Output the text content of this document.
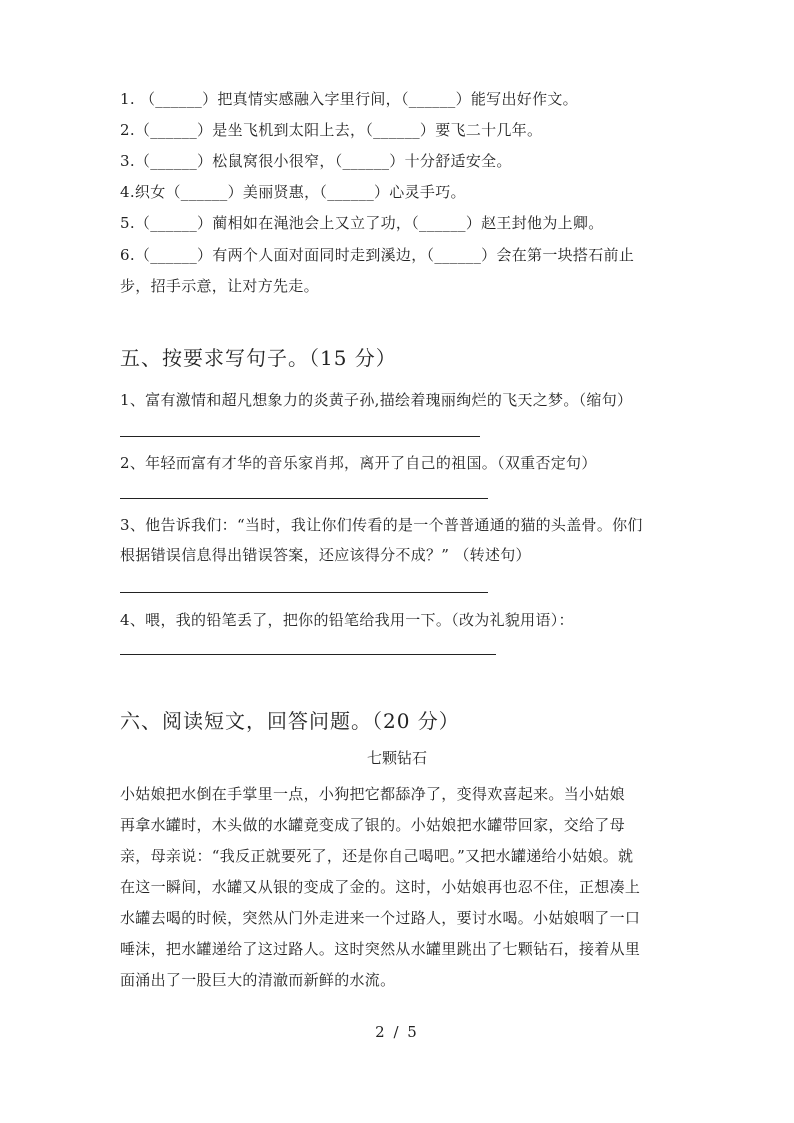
1. （______）把真情实感融入字里行间，（______）能写出好作文。
2.（______）是坐飞机到太阳上去，（______）要飞二十几年。
3.（______）松鼠窝很小很窄，（______）十分舒适安全。
4.织女（______）美丽贤惠，（______）心灵手巧。
5.（______）蔺相如在渑池会上又立了功，（______）赵王封他为上卿。
6.（______）有两个人面对面同时走到溪边，（______）会在第一块搭石前止
步，招手示意，让对方先走。
五、按要求写句子。（15 分）
1、富有激情和超凡想象力的炎黄子孙,描绘着瑰丽绚烂的飞天之梦。（缩句）
2、年轻而富有才华的音乐家肖邦，离开了自己的祖国。（双重否定句）
3、他告诉我们：“当时，我让你们传看的是一个普普通通的猫的头盖骨。你们
根据错误信息得出错误答案，还应该得分不成？” （转述句）
4、喂，我的铅笔丢了，把你的铅笔给我用一下。（改为礼貌用语）：
六、阅读短文，回答问题。（20 分）
七颗钻石
小姑娘把水倒在手掌里一点，小狗把它都舔净了，变得欢喜起来。当小姑娘
再拿水罐时，木头做的水罐竟变成了银的。小姑娘把水罐带回家，交给了母
亲，母亲说：“我反正就要死了，还是你自己喝吧。”又把水罐递给小姑娘。就
在这一瞬间，水罐又从银的变成了金的。这时，小姑娘再也忍不住，正想凑上
水罐去喝的时候，突然从门外走进来一个过路人，要讨水喝。小姑娘咽了一口
唾沫，把水罐递给了这过路人。这时突然从水罐里跳出了七颗钻石，接着从里
面涌出了一股巨大的清澈而新鲜的水流。
2 / 5
